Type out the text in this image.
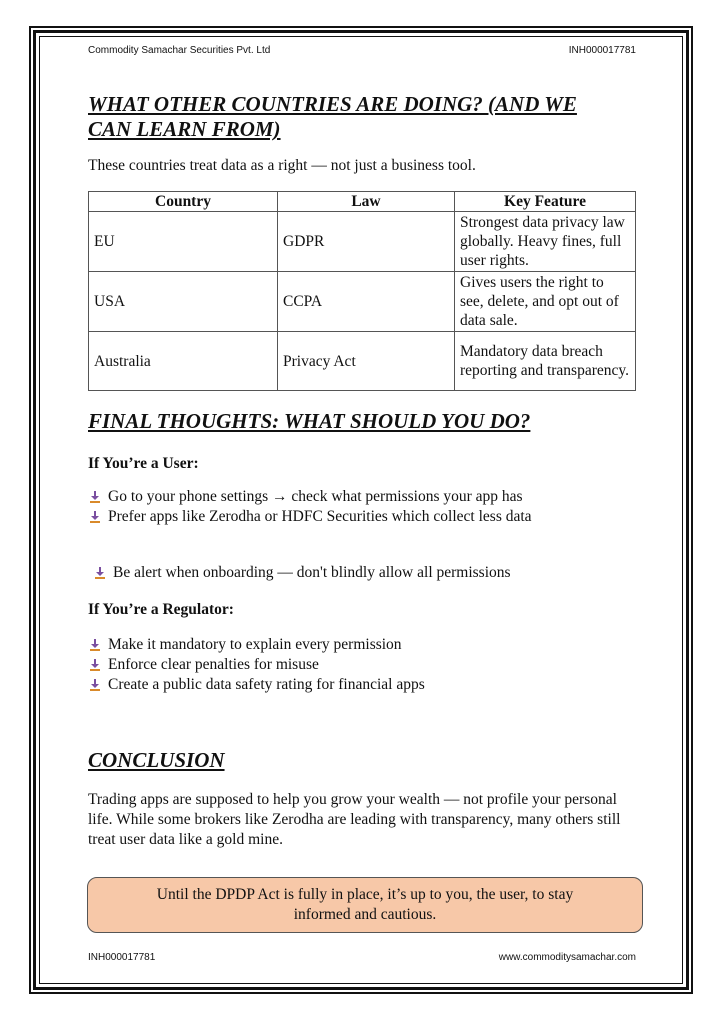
Commodity Samachar Securities Pvt. Ltd	INH000017781
WHAT OTHER COUNTRIES ARE DOING? (AND WE
CAN LEARN FROM)

These countries treat data as a right — not just a business tool.

Country	Law	Key Feature
EU	GDPR	Strongest data privacy law globally. Heavy fines, full user rights.
USA	CCPA	Gives users the right to see, delete, and opt out of data sale.
Australia	Privacy Act	Mandatory data breach reporting and transparency.
FINAL THOUGHTS: WHAT SHOULD YOU DO?
If You’re a User:
Go to your phone settings → check what permissions your app has
Prefer apps like Zerodha or HDFC Securities which collect less data
Be alert when onboarding — don't blindly allow all permissions
If You’re a Regulator:
Make it mandatory to explain every permission
Enforce clear penalties for misuse
Create a public data safety rating for financial apps
CONCLUSION

Trading apps are supposed to help you grow your wealth — not profile your personal life. While some brokers like Zerodha are leading with transparency, many others still treat user data like a gold mine.

Until the DPDP Act is fully in place, it’s up to you, the user, to stay informed and cautious.
INH000017781	www.commoditysamachar.com
